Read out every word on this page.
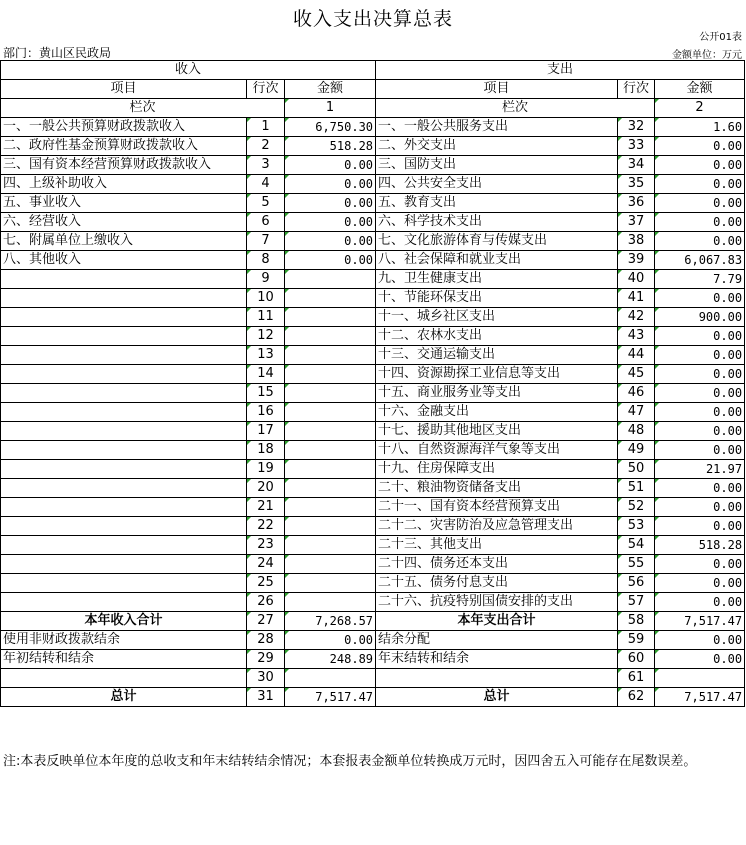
收入支出决算总表
公开01表
部门：黄山区民政局	金额单位：万元
收入			支出		
项目	行次	金额	项目	行次	金额
栏次		1	栏次		2
一、一般公共预算财政拨款收入	1	6,750.30	一、一般公共服务支出	32	1.60
二、政府性基金预算财政拨款收入	2	518.28	二、外交支出	33	0.00
三、国有资本经营预算财政拨款收入	3	0.00	三、国防支出	34	0.00
四、上级补助收入	4	0.00	四、公共安全支出	35	0.00
五、事业收入	5	0.00	五、教育支出	36	0.00
六、经营收入	6	0.00	六、科学技术支出	37	0.00
七、附属单位上缴收入	7	0.00	七、文化旅游体育与传媒支出	38	0.00
八、其他收入	8	0.00	八、社会保障和就业支出	39	6,067.83
	9		九、卫生健康支出	40	7.79
	10		十、节能环保支出	41	0.00
	11		十一、城乡社区支出	42	900.00
	12		十二、农林水支出	43	0.00
	13		十三、交通运输支出	44	0.00
	14		十四、资源勘探工业信息等支出	45	0.00
	15		十五、商业服务业等支出	46	0.00
	16		十六、金融支出	47	0.00
	17		十七、援助其他地区支出	48	0.00
	18		十八、自然资源海洋气象等支出	49	0.00
	19		十九、住房保障支出	50	21.97
	20		二十、粮油物资储备支出	51	0.00
	21		二十一、国有资本经营预算支出	52	0.00
	22		二十二、灾害防治及应急管理支出	53	0.00
	23		二十三、其他支出	54	518.28
	24		二十四、债务还本支出	55	0.00
	25		二十五、债务付息支出	56	0.00
	26		二十六、抗疫特别国债安排的支出	57	0.00
本年收入合计	27	7,268.57	本年支出合计	58	7,517.47
使用非财政拨款结余	28	0.00	结余分配	59	0.00
年初结转和结余	29	248.89	年末结转和结余	60	0.00
	30			61	
总计	31	7,517.47	总计	62	7,517.47
注:本表反映单位本年度的总收支和年末结转结余情况；本套报表金额单位转换成万元时，因四舍五入可能存在尾数误差。
